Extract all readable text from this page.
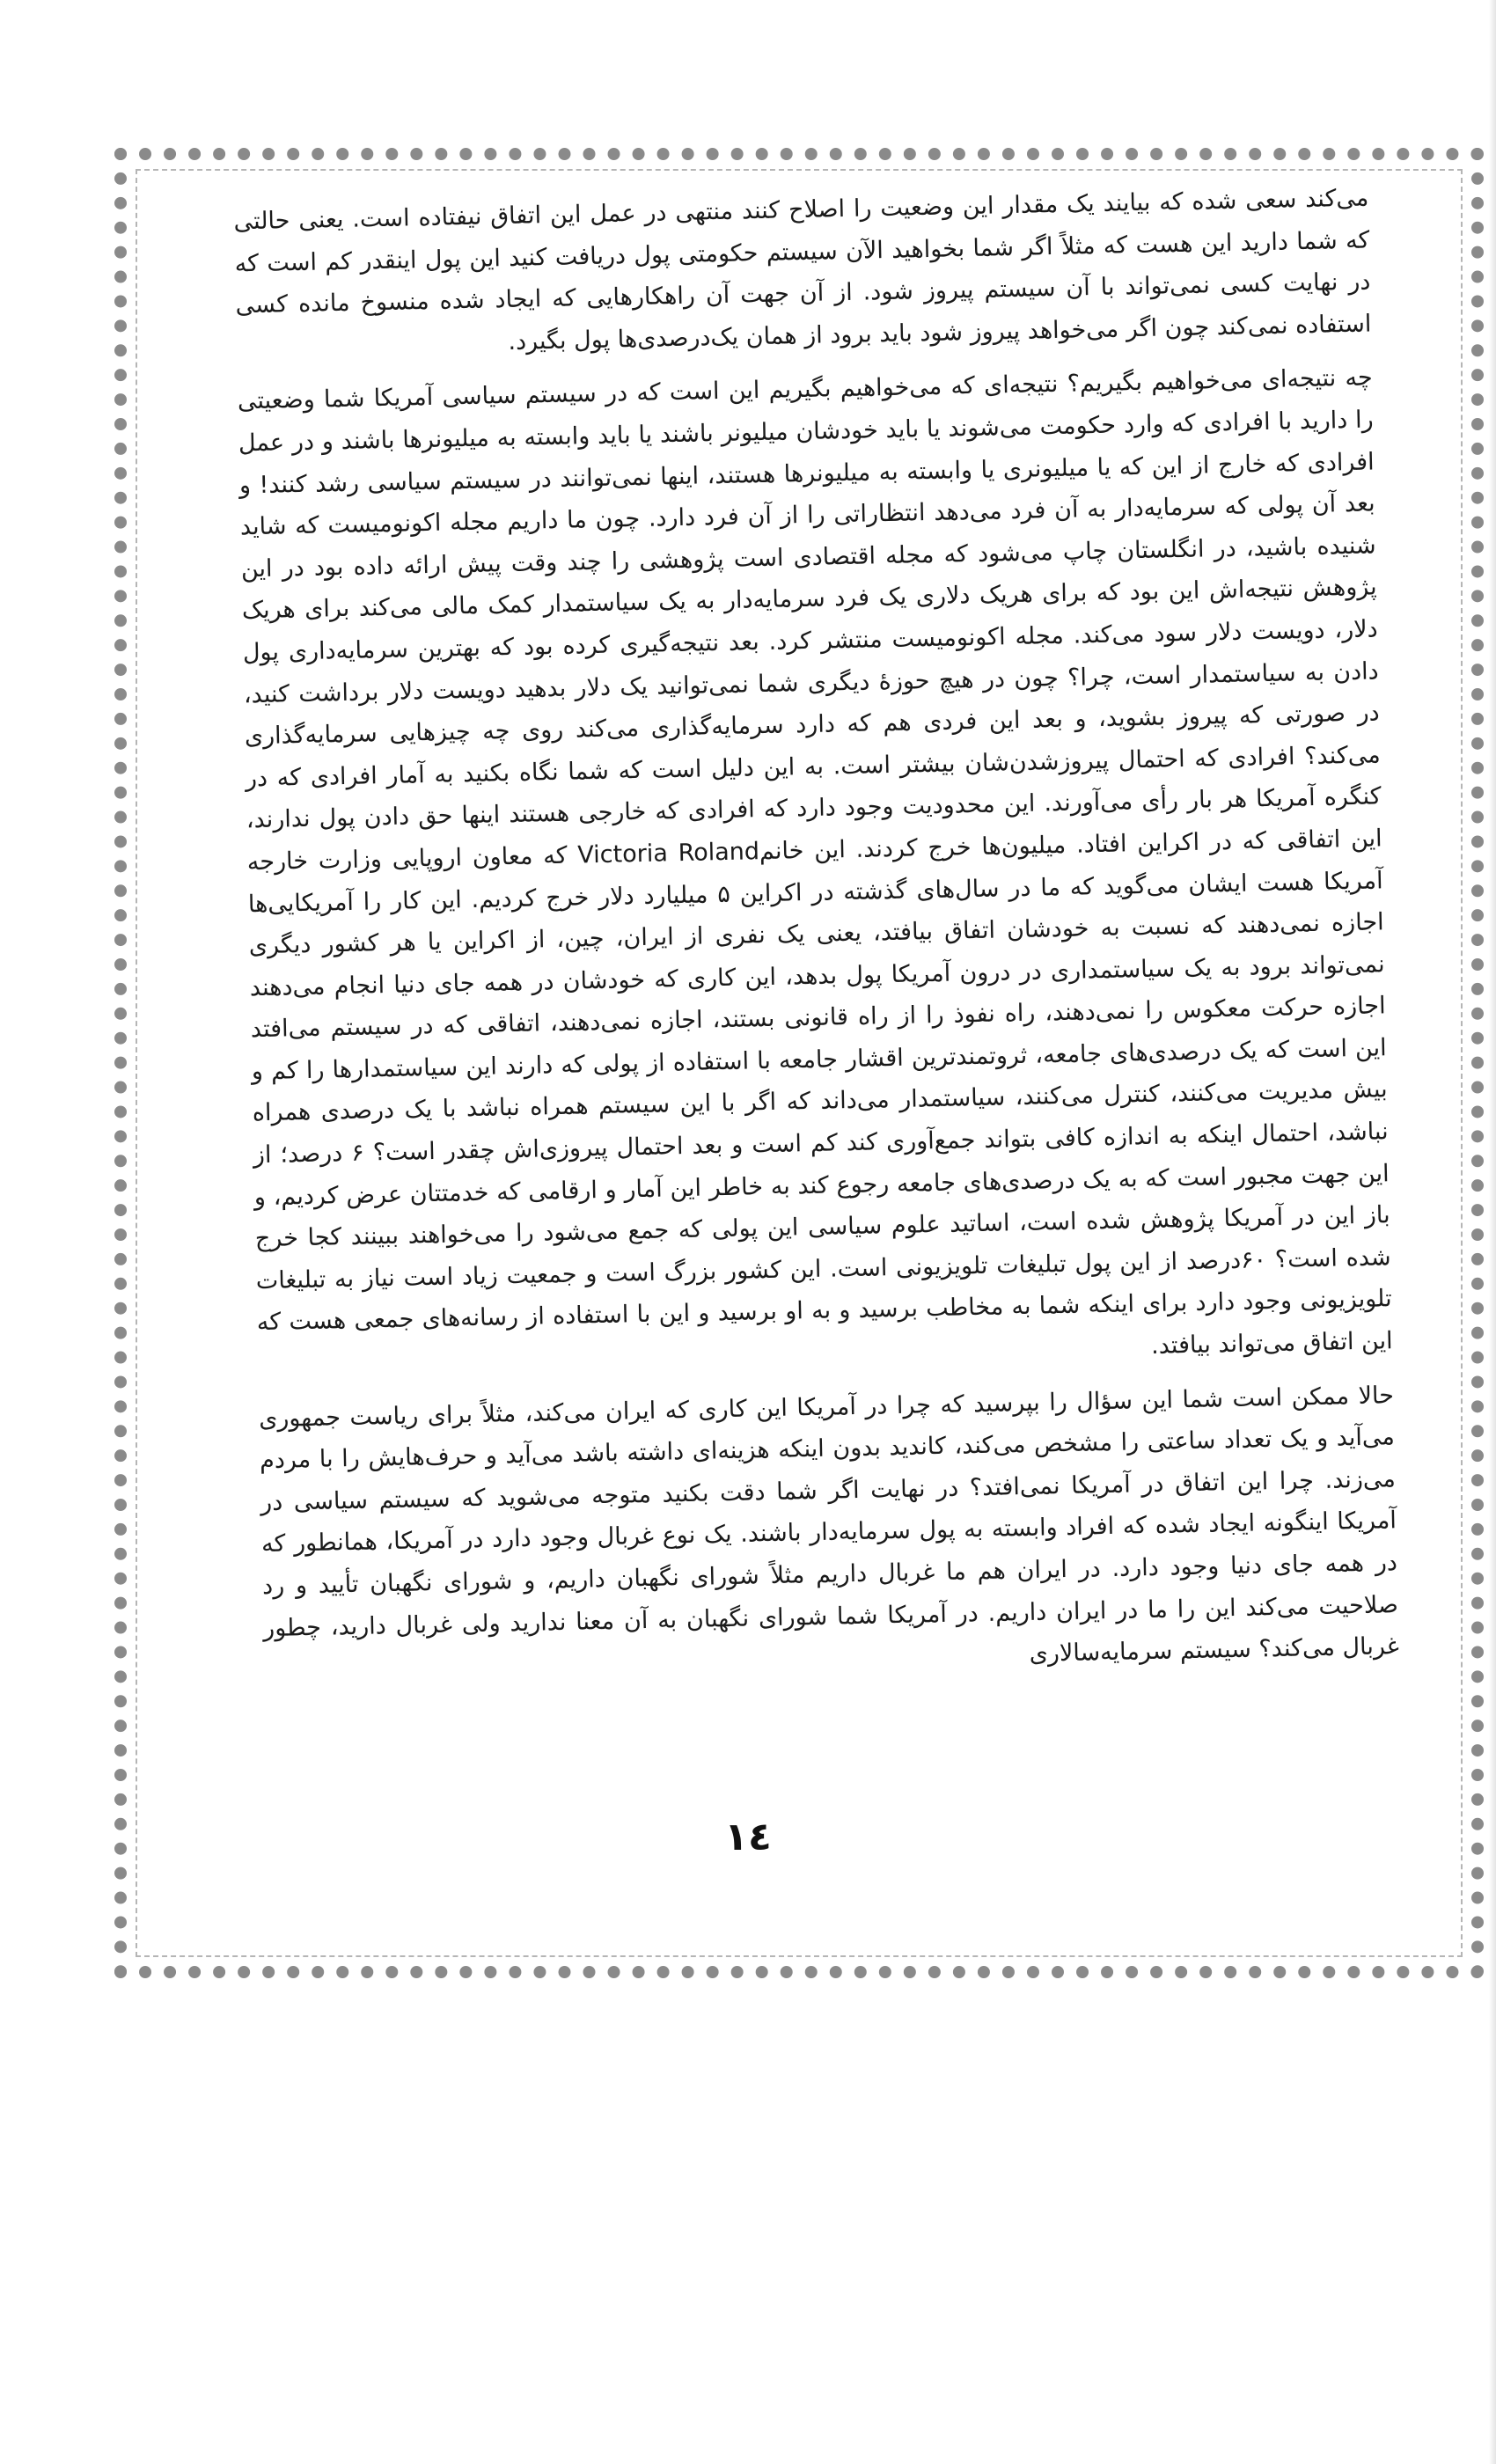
می‌کند سعی شده که بیایند یک مقدار این وضعیت را اصلاح کنند منتهی در عمل این اتفاق نیفتاده است. یعنی حالتی که شما دارید این هست که مثلاً اگر شما بخواهید الآن سیستم حکومتی پول دریافت کنید این پول اینقدر کم است که در نهایت کسی نمی‌تواند با آن سیستم پیروز شود. از آن جهت آن راهکارهایی که ایجاد شده منسوخ مانده کسی استفاده نمی‌کند چون اگر می‌خواهد پیروز شود باید برود از همان یک‌درصدی‌ها پول بگیرد.

چه نتیجه‌ای می‌خواهیم بگیریم؟ نتیجه‌ای که می‌خواهیم بگیریم این است که در سیستم سیاسی آمریکا شما وضعیتی را دارید با افرادی که وارد حکومت می‌شوند یا باید خودشان میلیونر باشند یا باید وابسته به میلیونرها باشند و در عمل افرادی که خارج از این که یا میلیونری یا وابسته به میلیونرها هستند، اینها نمی‌توانند در سیستم سیاسی رشد کنند! و بعد آن پولی که سرمایه‌دار به آن فرد می‌دهد انتظاراتی را از آن فرد دارد. چون ما داریم مجله اکونومیست که شاید شنیده باشید، در انگلستان چاپ می‌شود که مجله اقتصادی است پژوهشی را چند وقت پیش ارائه داده بود در این پژوهش نتیجه‌اش این بود که برای هریک دلاری یک فرد سرمایه‌دار به یک سیاستمدار کمک مالی می‌کند برای هریک دلار، دویست دلار سود می‌کند. مجله اکونومیست منتشر کرد. بعد نتیجه‌گیری کرده بود که بهترین سرمایه‌داری پول دادن به سیاستمدار است، چرا؟ چون در هیچ حوزهٔ دیگری شما نمی‌توانید یک دلار بدهید دویست دلار برداشت کنید، در صورتی که پیروز بشوید، و بعد این فردی هم که دارد سرمایه‌گذاری می‌کند روی چه چیزهایی سرمایه‌گذاری می‌کند؟ افرادی که احتمال پیروزشدن‌شان بیشتر است. به این دلیل است که شما نگاه بکنید به آمار افرادی که در کنگره آمریکا هر بار رأی می‌آورند. این محدودیت وجود دارد که افرادی که خارجی هستند اینها حق دادن پول ندارند، این اتفاقی که در اکراین افتاد. میلیون‌ها خرج کردند. این خانم‌Victoria Roland که معاون اروپایی وزارت خارجه آمریکا هست ایشان می‌گوید که ما در سال‌های گذشته در اکراین ۵ میلیارد دلار خرج کردیم. این کار را آمریکایی‌ها اجازه نمی‌دهند که نسبت به خودشان اتفاق بیافتد، یعنی یک نفری از ایران، چین، از اکراین یا هر کشور دیگری نمی‌تواند برود به یک سیاستمداری در درون آمریکا پول بدهد، این کاری که خودشان در همه جای دنیا انجام می‌دهند اجازه حرکت معکوس را نمی‌دهند، راه نفوذ را از راه قانونی بستند، اجازه نمی‌دهند، اتفاقی که در سیستم می‌افتد این است که یک درصدی‌های جامعه، ثروتمندترین اقشار جامعه با استفاده از پولی که دارند این سیاستمدارها را کم و بیش مدیریت می‌کنند، کنترل می‌کنند، سیاستمدار می‌داند که اگر با این سیستم همراه نباشد با یک درصدی همراه نباشد، احتمال اینکه به اندازه کافی بتواند جمع‌آوری کند کم است و بعد احتمال پیروزی‌اش چقدر است؟ ۶ درصد؛ از این جهت مجبور است که به یک درصدی‌های جامعه رجوع کند به خاطر این آمار و ارقامی که خدمتتان عرض کردیم، و باز این در آمریکا پژوهش شده است، اساتید علوم سیاسی این پولی که جمع می‌شود را می‌خواهند ببینند کجا خرج شده است؟ ۶۰درصد از این پول تبلیغات تلویزیونی است. این کشور بزرگ است و جمعیت زیاد است نیاز به تبلیغات تلویزیونی وجود دارد برای اینکه شما به مخاطب برسید و به او برسید و این با استفاده از رسانه‌های جمعی هست که این اتفاق می‌تواند بیافتد.

حالا ممکن است شما این سؤال را بپرسید که چرا در آمریکا این کاری که ایران می‌کند، مثلاً برای ریاست جمهوری می‌آید و یک تعداد ساعتی را مشخص می‌کند، کاندید بدون اینکه هزینه‌ای داشته باشد می‌آید و حرف‌هایش را با مردم می‌زند. چرا این اتفاق در آمریکا نمی‌افتد؟ در نهایت اگر شما دقت بکنید متوجه می‌شوید که سیستم سیاسی در آمریکا اینگونه ایجاد شده که افراد وابسته به پول سرمایه‌دار باشند. یک نوع غربال وجود دارد در آمریکا، همانطور که در همه جای دنیا وجود دارد. در ایران هم ما غربال داریم مثلاً شورای نگهبان داریم، و شورای نگهبان تأیید و رد صلاحیت می‌کند این را ما در ایران داریم. در آمریکا شما شورای نگهبان به آن معنا ندارید ولی غربال دارید، چطور غربال می‌کند؟ سیستم سرمایه‌سالاری

۱٤
